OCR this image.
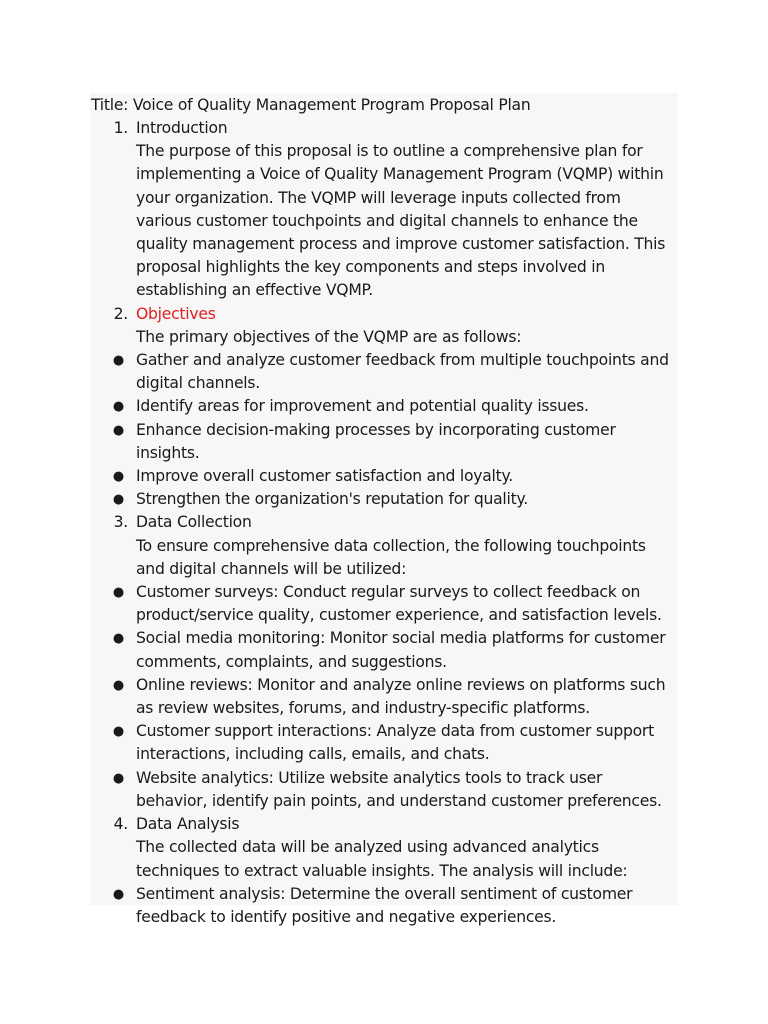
Title: Voice of Quality Management Program Proposal Plan
1. Introduction
The purpose of this proposal is to outline a comprehensive plan for implementing a Voice of Quality Management Program (VQMP) within your organization. The VQMP will leverage inputs collected from various customer touchpoints and digital channels to enhance the quality management process and improve customer satisfaction. This proposal highlights the key components and steps involved in establishing an effective VQMP.
2. Objectives
The primary objectives of the VQMP are as follows:
● Gather and analyze customer feedback from multiple touchpoints and digital channels.
● Identify areas for improvement and potential quality issues.
● Enhance decision-making processes by incorporating customer insights.
● Improve overall customer satisfaction and loyalty.
● Strengthen the organization's reputation for quality.
3. Data Collection
To ensure comprehensive data collection, the following touchpoints and digital channels will be utilized:
● Customer surveys: Conduct regular surveys to collect feedback on product/service quality, customer experience, and satisfaction levels.
● Social media monitoring: Monitor social media platforms for customer comments, complaints, and suggestions.
● Online reviews: Monitor and analyze online reviews on platforms such as review websites, forums, and industry-specific platforms.
● Customer support interactions: Analyze data from customer support interactions, including calls, emails, and chats.
● Website analytics: Utilize website analytics tools to track user behavior, identify pain points, and understand customer preferences.
4. Data Analysis
The collected data will be analyzed using advanced analytics techniques to extract valuable insights. The analysis will include:
● Sentiment analysis: Determine the overall sentiment of customer feedback to identify positive and negative experiences.
